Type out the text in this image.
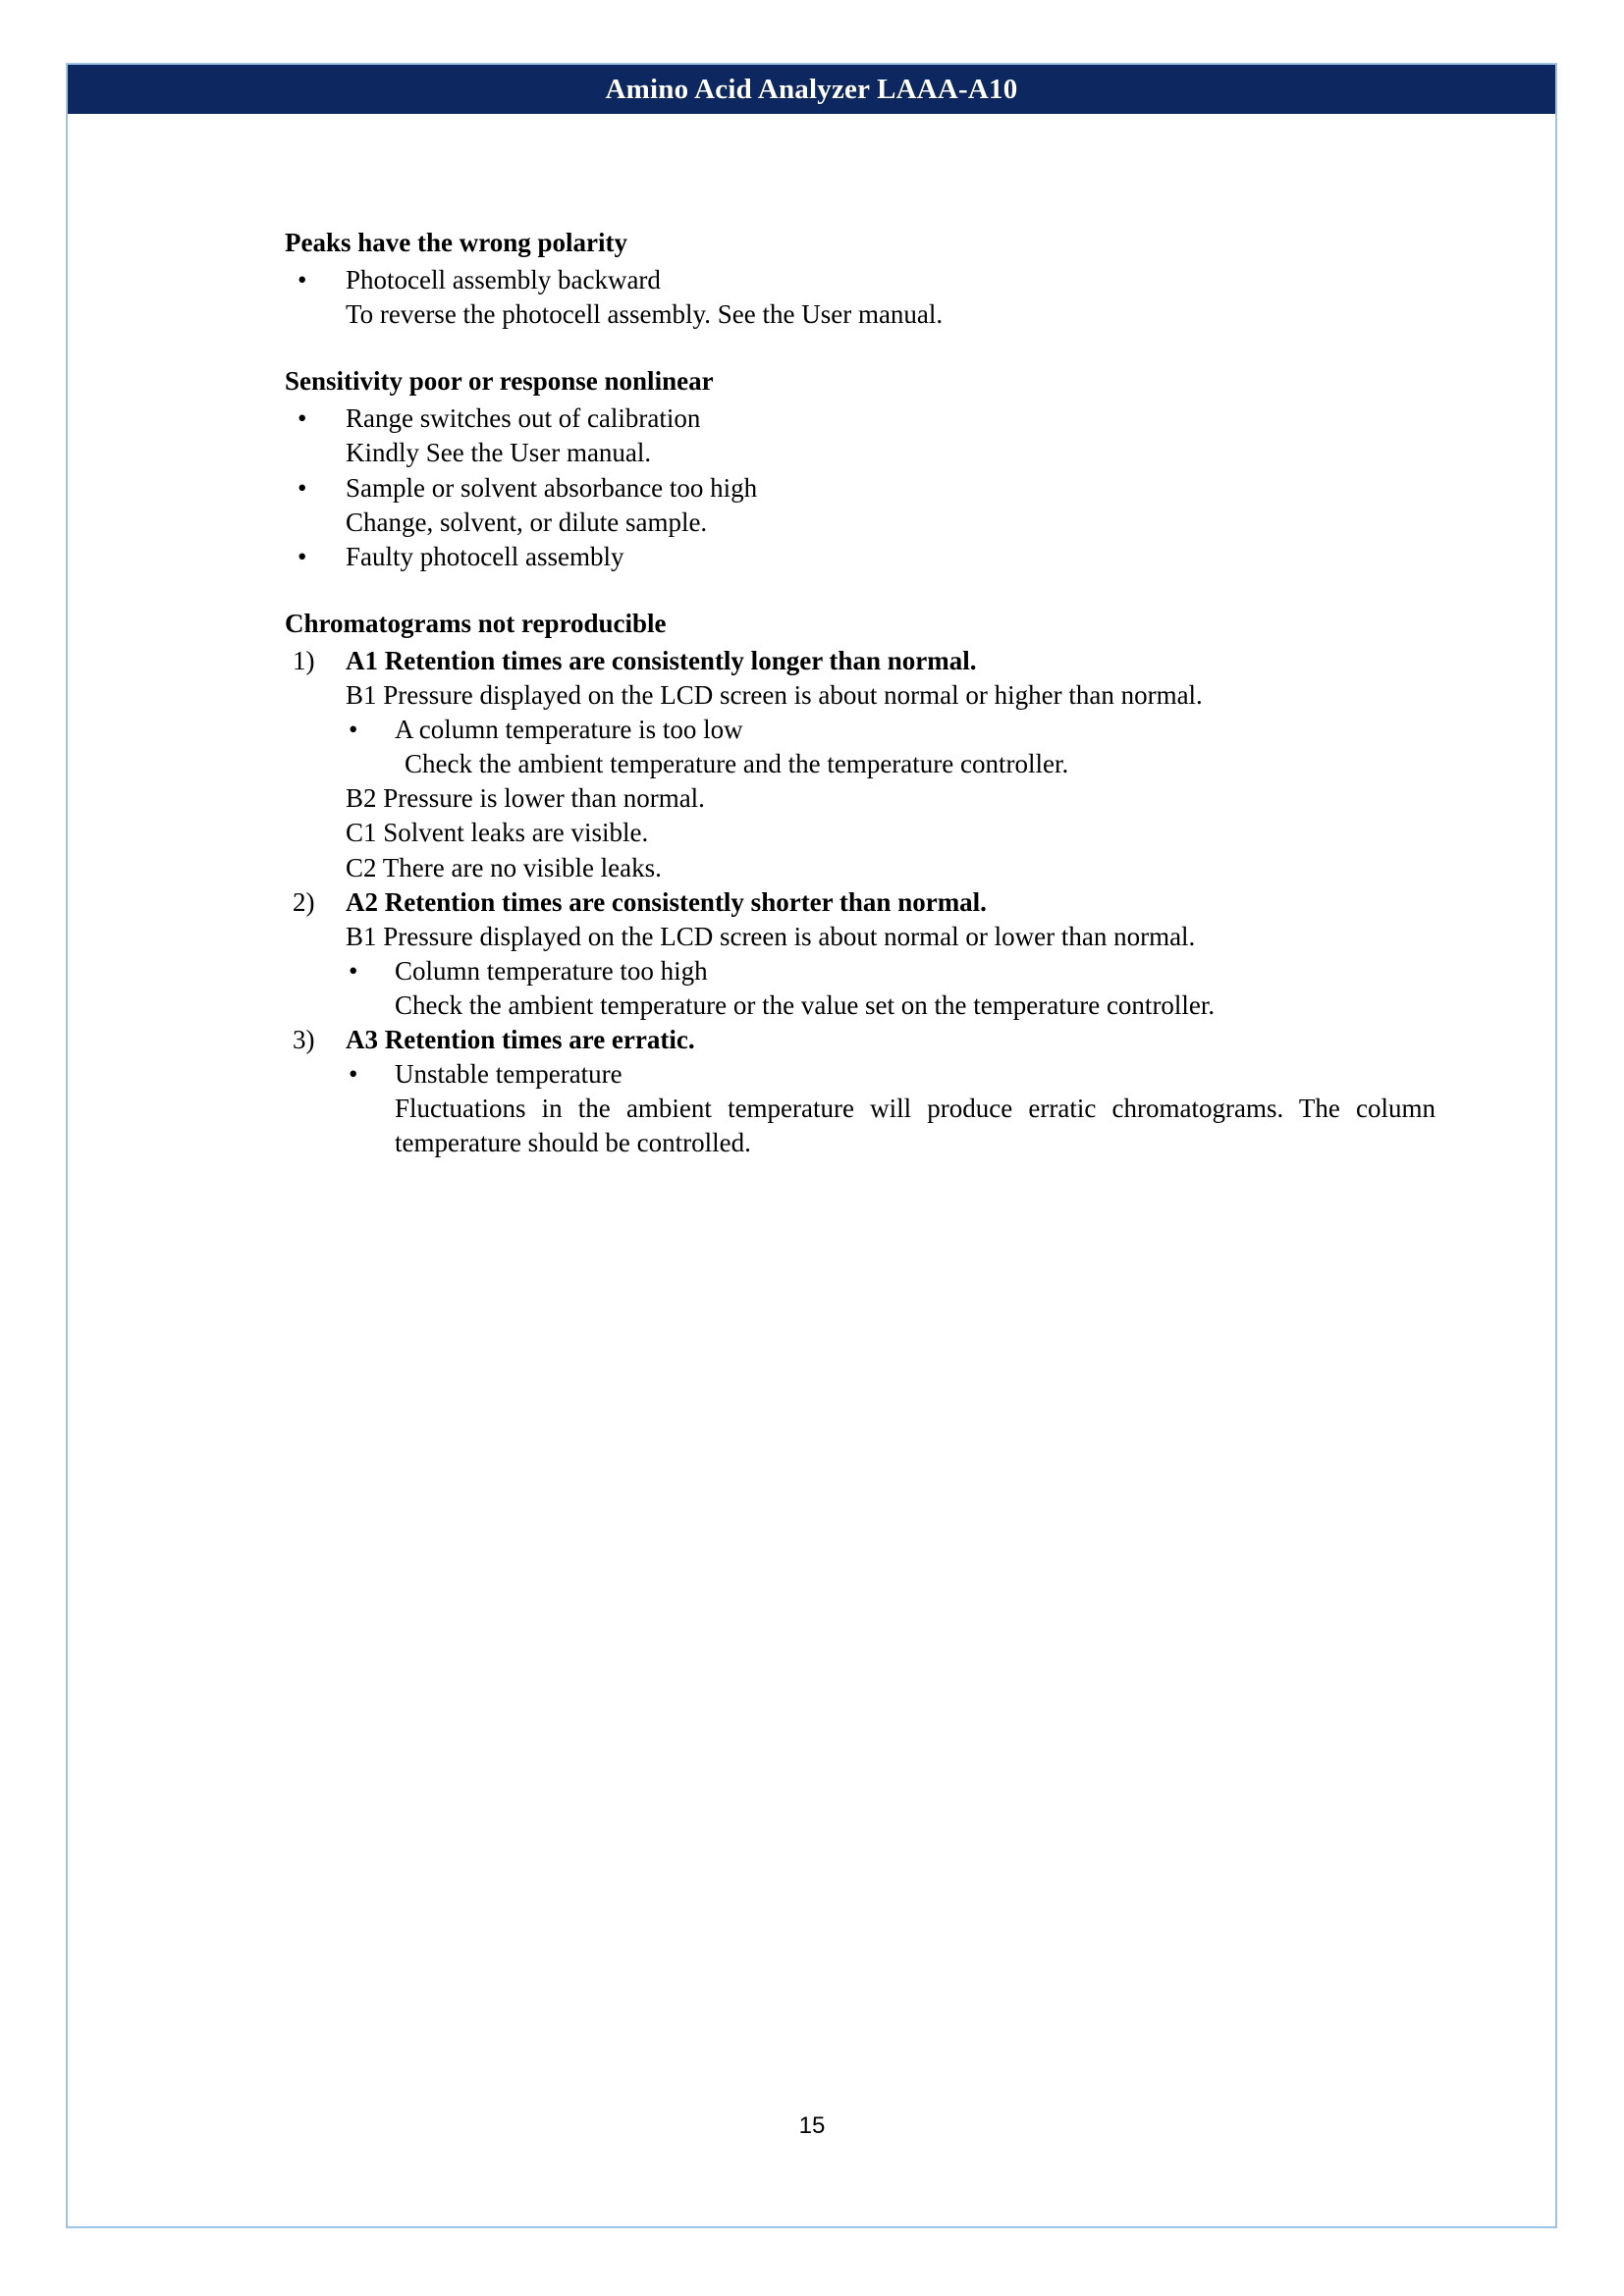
Amino Acid Analyzer LAAA-A10
Peaks have the wrong polarity
• Photocell assembly backward
To reverse the photocell assembly. See the User manual.
Sensitivity poor or response nonlinear
• Range switches out of calibration
Kindly See the User manual.
• Sample or solvent absorbance too high
Change, solvent, or dilute sample.
• Faulty photocell assembly
Chromatograms not reproducible
1) A1 Retention times are consistently longer than normal.
B1 Pressure displayed on the LCD screen is about normal or higher than normal.
• A column temperature is too low
Check the ambient temperature and the temperature controller.
B2 Pressure is lower than normal.
C1 Solvent leaks are visible.
C2 There are no visible leaks.
2) A2 Retention times are consistently shorter than normal.
B1 Pressure displayed on the LCD screen is about normal or lower than normal.
• Column temperature too high
Check the ambient temperature or the value set on the temperature controller.
3) A3 Retention times are erratic.
• Unstable temperature
Fluctuations in the ambient temperature will produce erratic chromatograms. The column temperature should be controlled.
15
